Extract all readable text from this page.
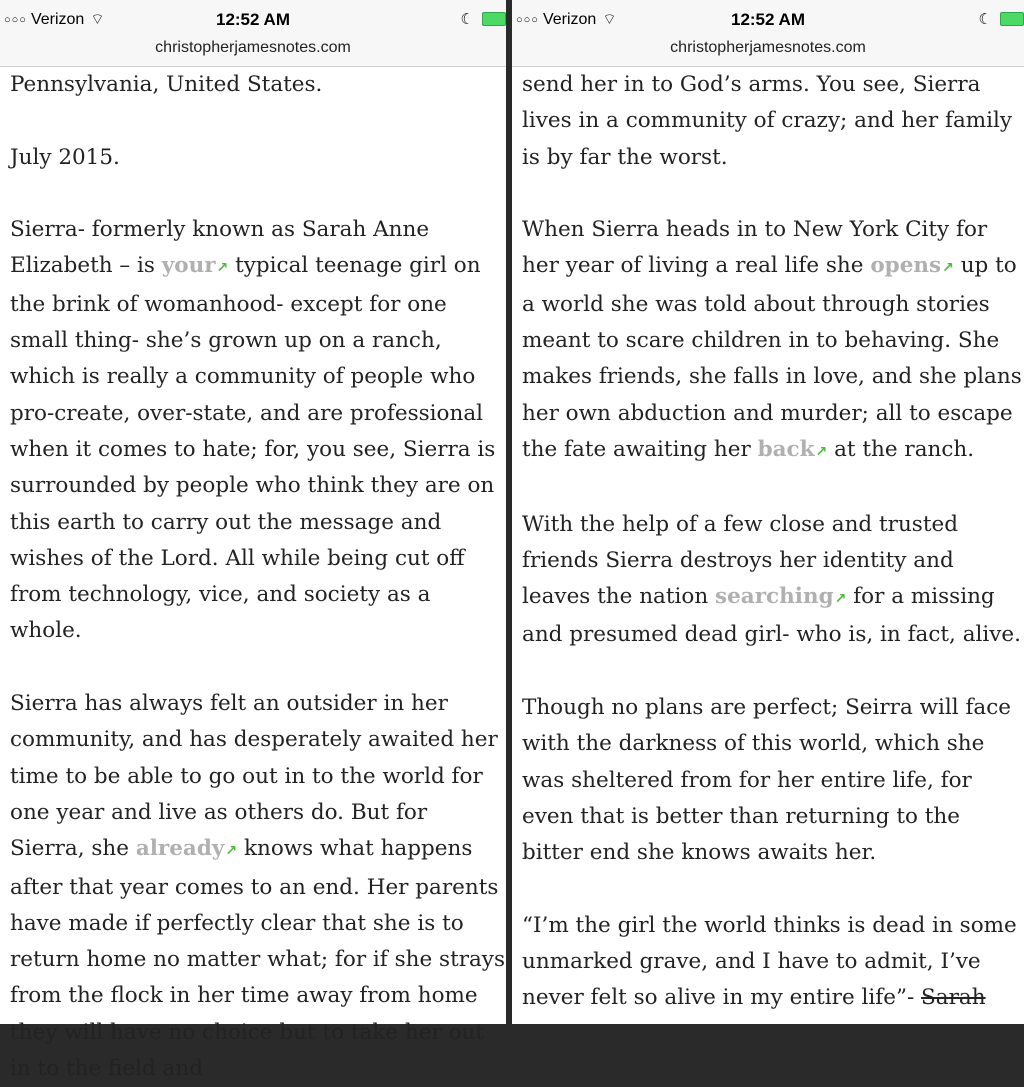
○○○ Verizon ⌔	12:52 AM	☾
christopherjamesnotes.com

Pennsylvania, United States.

July 2015.

Sierra- formerly known as Sarah Anne Elizabeth – is your↗ typical teenage girl on the brink of womanhood- except for one small thing- she’s grown up on a ranch, which is really a community of people who pro-create, over-state, and are professional when it comes to hate; for, you see, Sierra is surrounded by people who think they are on this earth to carry out the message and wishes of the Lord. All while being cut off from technology, vice, and society as a whole.

Sierra has always felt an outsider in her community, and has desperately awaited her time to be able to go out in to the world for one year and live as others do. But for Sierra, she already↗ knows what happens after that year comes to an end. Her parents have made if perfectly clear that she is to return home no matter what; for if she strays from the flock in her time away from home they will have no choice but to take her out in to the field and

○○○ Verizon ⌔	12:52 AM	☾
christopherjamesnotes.com

send her in to God’s arms. You see, Sierra lives in a community of crazy; and her family is by far the worst.

When Sierra heads in to New York City for her year of living a real life she opens↗ up to a world she was told about through stories meant to scare children in to behaving. She makes friends, she falls in love, and she plans her own abduction and murder; all to escape the fate awaiting her back↗ at the ranch.

With the help of a few close and trusted friends Sierra destroys her identity and leaves the nation searching↗ for a missing and presumed dead girl- who is, in fact, alive.

Though no plans are perfect; Seirra will face with the darkness of this world, which she was sheltered from for her entire life, for even that is better than returning to the bitter end she knows awaits her.

“I’m the girl the world thinks is dead in some unmarked grave, and I have to admit, I’ve never felt so alive in my entire life”- Sarah
